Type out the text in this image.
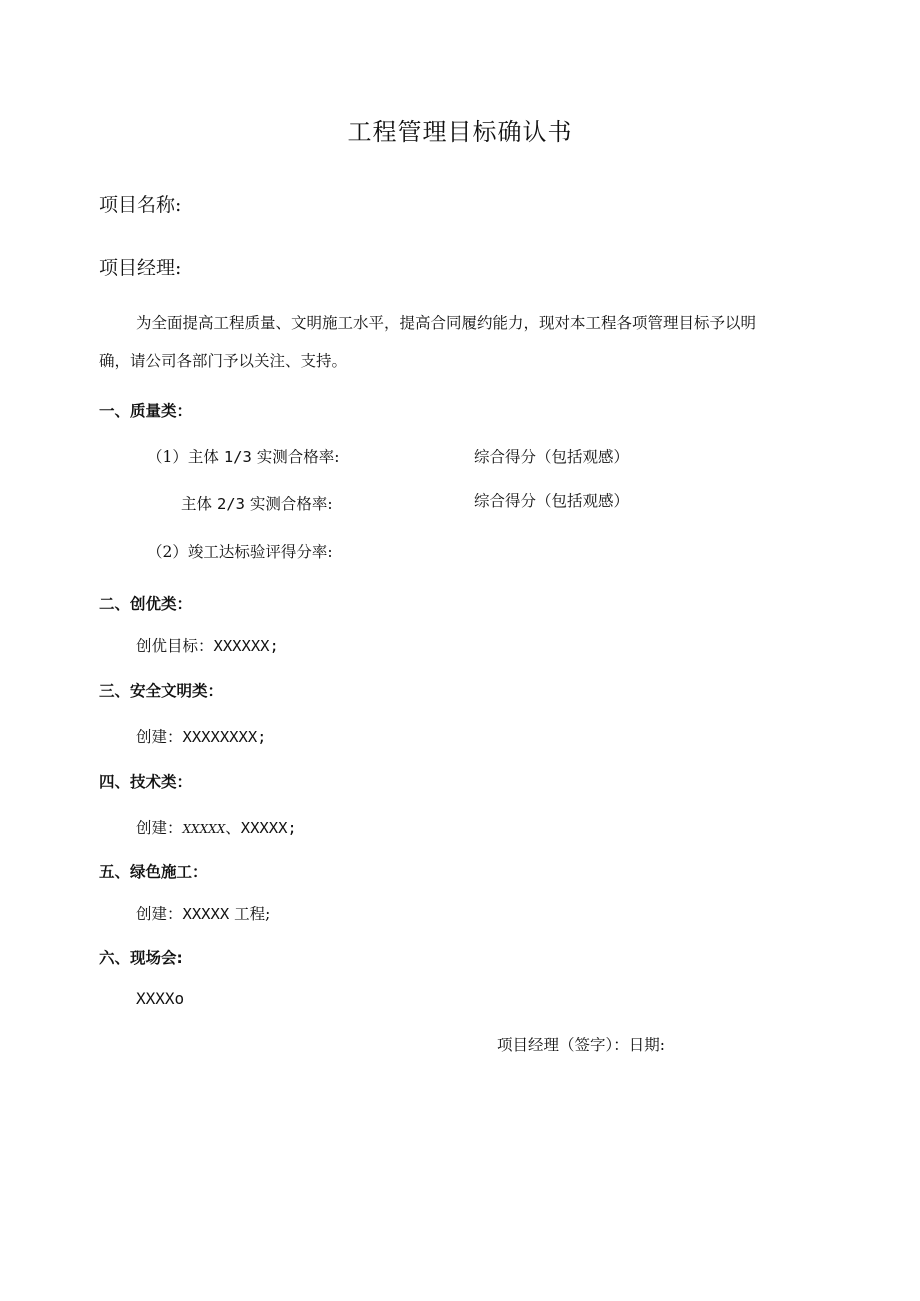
工程管理目标确认书
项目名称:
项目经理:
为全面提高工程质量、文明施工水平，提高合同履约能力，现对本工程各项管理目标予以明
确，请公司各部门予以关注、支持。
一、质量类：
（1）主体 1/3 实测合格率:	综合得分（包括观感）
主体 2/3 实测合格率:	综合得分（包括观感）
（2）竣工达标验评得分率:
二、创优类：
创优目标：XXXXXX;
三、安全文明类：
创建：XXXXXXXX;
四、技术类：
创建：XXXXX、XXXXX;
五、绿色施工：
创建：XXXXX 工程;
六、现场会:
XXXXo
项目经理（签字）：日期:
